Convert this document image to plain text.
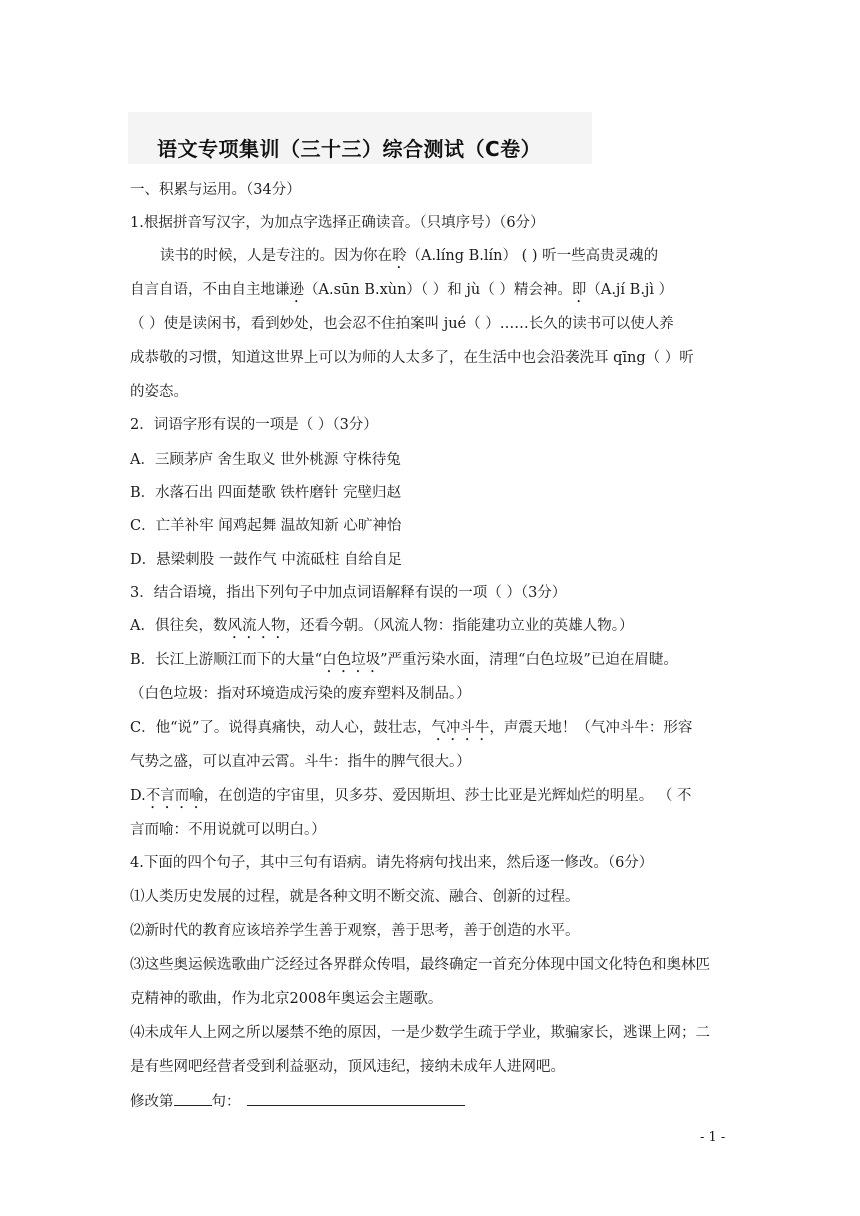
语文专项集训（三十三）综合测试（C卷）
一、积累与运用。（34分）
1.根据拼音写汉字，为加点字选择正确读音。（只填序号）（6分）
读书的时候，人是专注的。因为你在聆（A.líng B.lín） ( ) 听一些高贵灵魂的
自言自语，不由自主地谦逊（A.sūn B.xùn）（ ）和 jù（ ）精会神。即（A.jí B.jì ）
（ ）使是读闲书，看到妙处，也会忍不住拍案叫 jué（ ）……长久的读书可以使人养
成恭敬的习惯，知道这世界上可以为师的人太多了，在生活中也会沿袭洗耳 qīng（ ）听
的姿态。
2．词语字形有误的一项是（ ）（3分）
A．三顾茅庐 舍生取义 世外桃源 守株待兔
B．水落石出 四面楚歌 铁杵磨针 完壁归赵
C．亡羊补牢 闻鸡起舞 温故知新 心旷神怡
D．悬梁刺股 一鼓作气 中流砥柱 自给自足
3．结合语境，指出下列句子中加点词语解释有误的一项（ ）（3分）
A．俱往矣，数风流人物，还看今朝。（风流人物：指能建功立业的英雄人物。）
B．长江上游顺江而下的大量“白色垃圾”严重污染水面，清理“白色垃圾”已迫在眉睫。
（白色垃圾：指对环境造成污染的废弃塑料及制品。）
C．他“说”了。说得真痛快，动人心，鼓壮志，气冲斗牛，声震天地！（气冲斗牛：形容
气势之盛，可以直冲云霄。斗牛：指牛的脾气很大。）
D.不言而喻，在创造的宇宙里，贝多芬、爱因斯坦、莎士比亚是光辉灿烂的明星。 （ 不
言而喻：不用说就可以明白。）
4.下面的四个句子，其中三句有语病。请先将病句找出来，然后逐一修改。（6分）
⑴人类历史发展的过程，就是各种文明不断交流、融合、创新的过程。
⑵新时代的教育应该培养学生善于观察，善于思考，善于创造的水平。
⑶这些奥运候选歌曲广泛经过各界群众传唱，最终确定一首充分体现中国文化特色和奥林匹
克精神的歌曲，作为北京2008年奥运会主题歌。
⑷未成年人上网之所以屡禁不绝的原因，一是少数学生疏于学业，欺骗家长，逃课上网；二
是有些网吧经营者受到利益驱动，顶风违纪，接纳未成年人进网吧。
修改第	句：
- 1 -
